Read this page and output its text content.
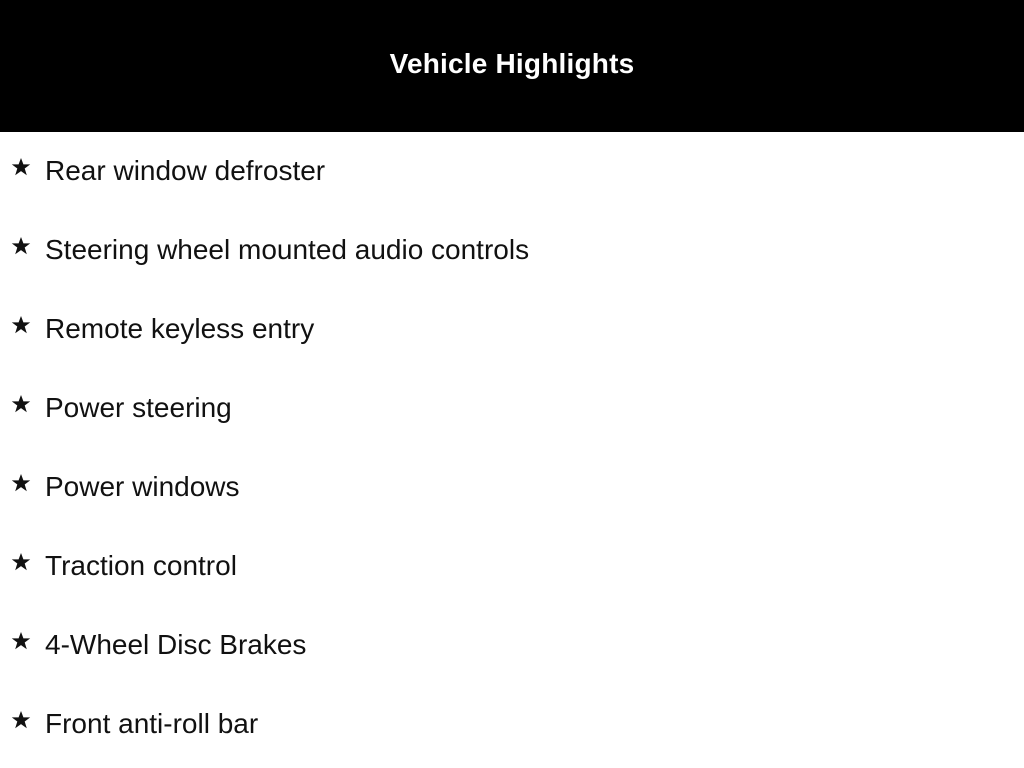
Vehicle Highlights
Rear window defroster
Steering wheel mounted audio controls
Remote keyless entry
Power steering
Power windows
Traction control
4-Wheel Disc Brakes
Front anti-roll bar
